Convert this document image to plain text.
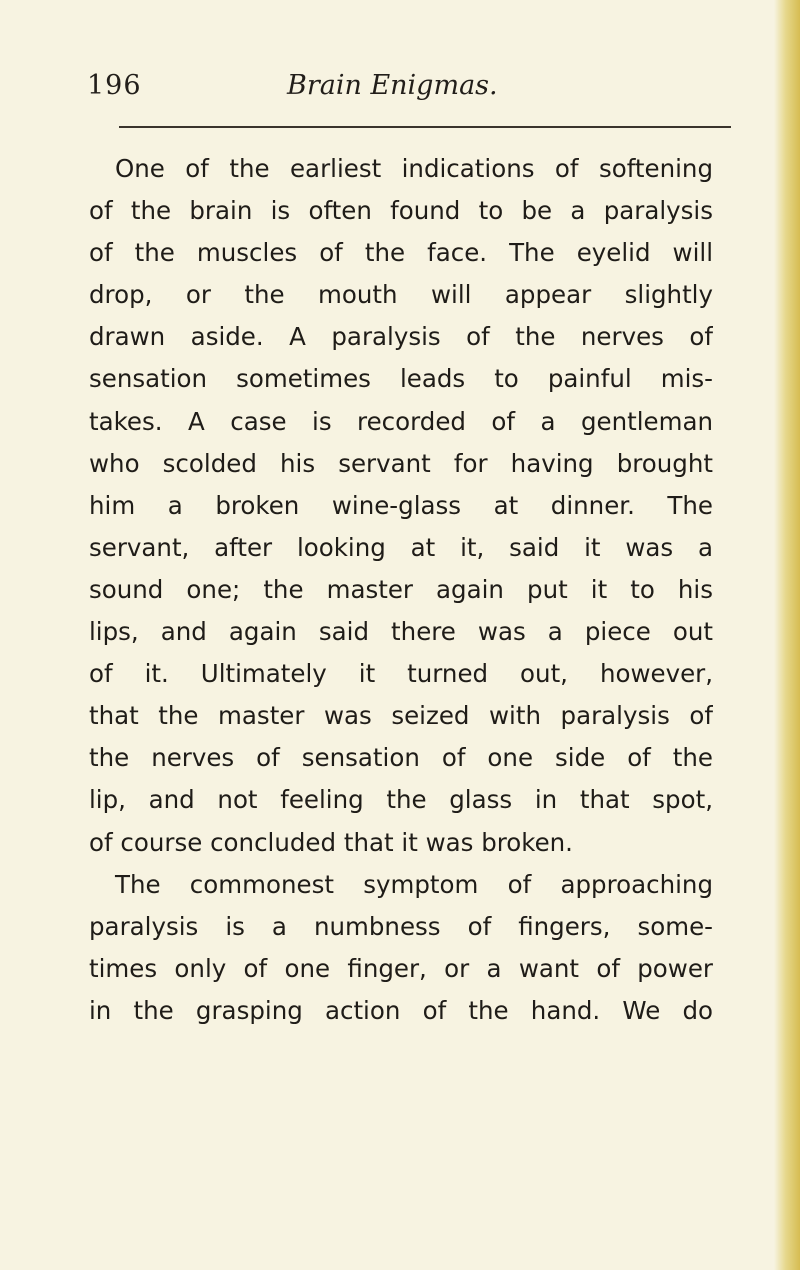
196	Brain Enigmas.
One of the earliest indications of softening
of the brain is often found to be a paralysis
of the muscles of the face. The eyelid will
drop, or the mouth will appear slightly
drawn aside. A paralysis of the nerves of
sensation sometimes leads to painful mis-
takes. A case is recorded of a gentleman
who scolded his servant for having brought
him a broken wine-glass at dinner. The
servant, after looking at it, said it was a
sound one; the master again put it to his
lips, and again said there was a piece out
of it. Ultimately it turned out, however,
that the master was seized with paralysis of
the nerves of sensation of one side of the
lip, and not feeling the glass in that spot,
of course concluded that it was broken.
The commonest symptom of approaching
paralysis is a numbness of fingers, some-
times only of one finger, or a want of power
in the grasping action of the hand. We do
